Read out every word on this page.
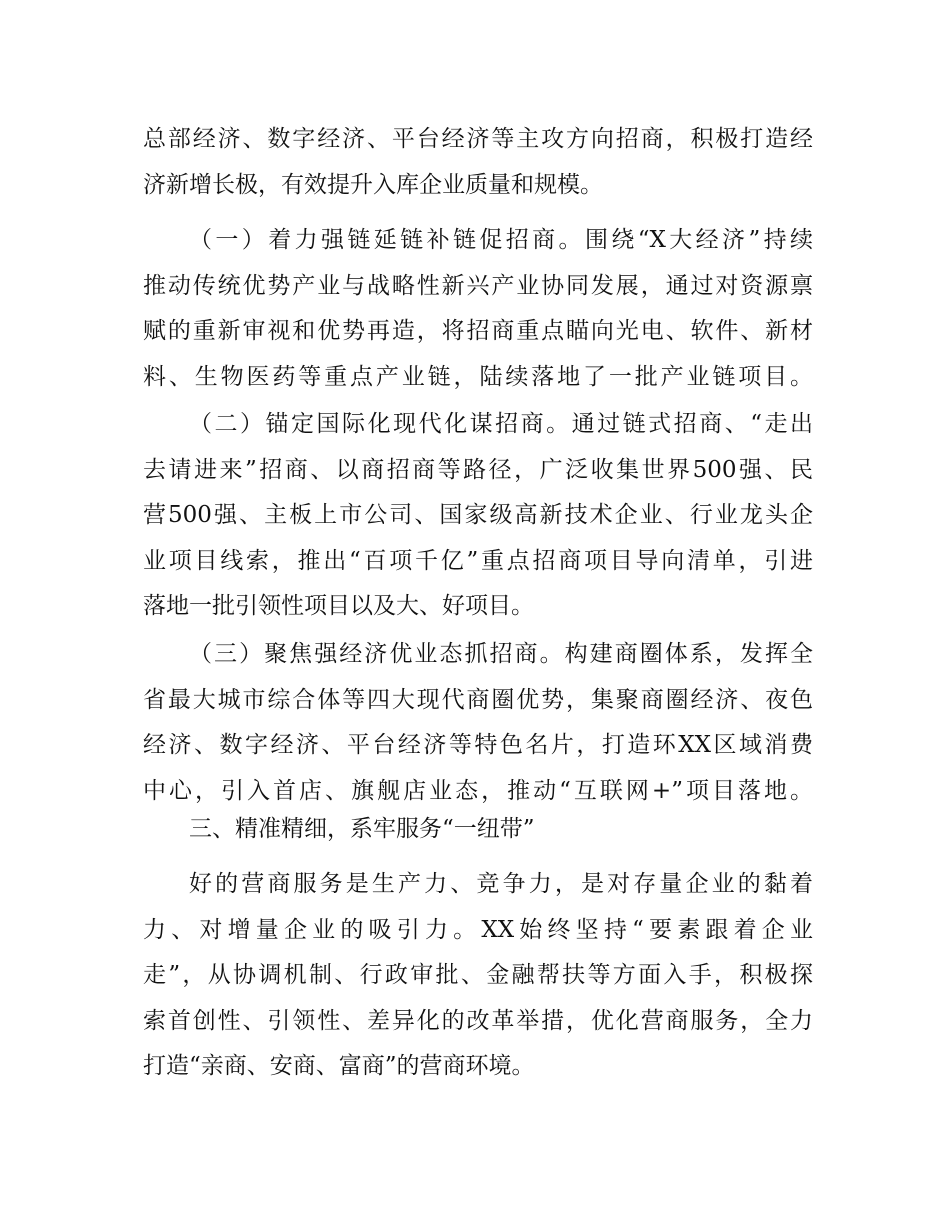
总部经济、数字经济、平台经济等主攻方向招商，积极打造经
济新增长极，有效提升入库企业质量和规模。
（一）着力强链延链补链促招商。围绕“X大经济”持续
推动传统优势产业与战略性新兴产业协同发展，通过对资源禀
赋的重新审视和优势再造，将招商重点瞄向光电、软件、新材
料、生物医药等重点产业链，陆续落地了一批产业链项目。
（二）锚定国际化现代化谋招商。通过链式招商、“走出
去请进来”招商、以商招商等路径，广泛收集世界500强、民
营500强、主板上市公司、国家级高新技术企业、行业龙头企
业项目线索，推出“百项千亿”重点招商项目导向清单，引进
落地一批引领性项目以及大、好项目。
（三）聚焦强经济优业态抓招商。构建商圈体系，发挥全
省最大城市综合体等四大现代商圈优势，集聚商圈经济、夜色
经济、数字经济、平台经济等特色名片，打造环XX区域消费
中心，引入首店、旗舰店业态，推动“互联网+”项目落地。
三、精准精细，系牢服务“一纽带”
好的营商服务是生产力、竞争力，是对存量企业的黏着
力、对增量企业的吸引力。XX始终坚持“要素跟着企业
走”，从协调机制、行政审批、金融帮扶等方面入手，积极探
索首创性、引领性、差异化的改革举措，优化营商服务，全力
打造“亲商、安商、富商”的营商环境。
